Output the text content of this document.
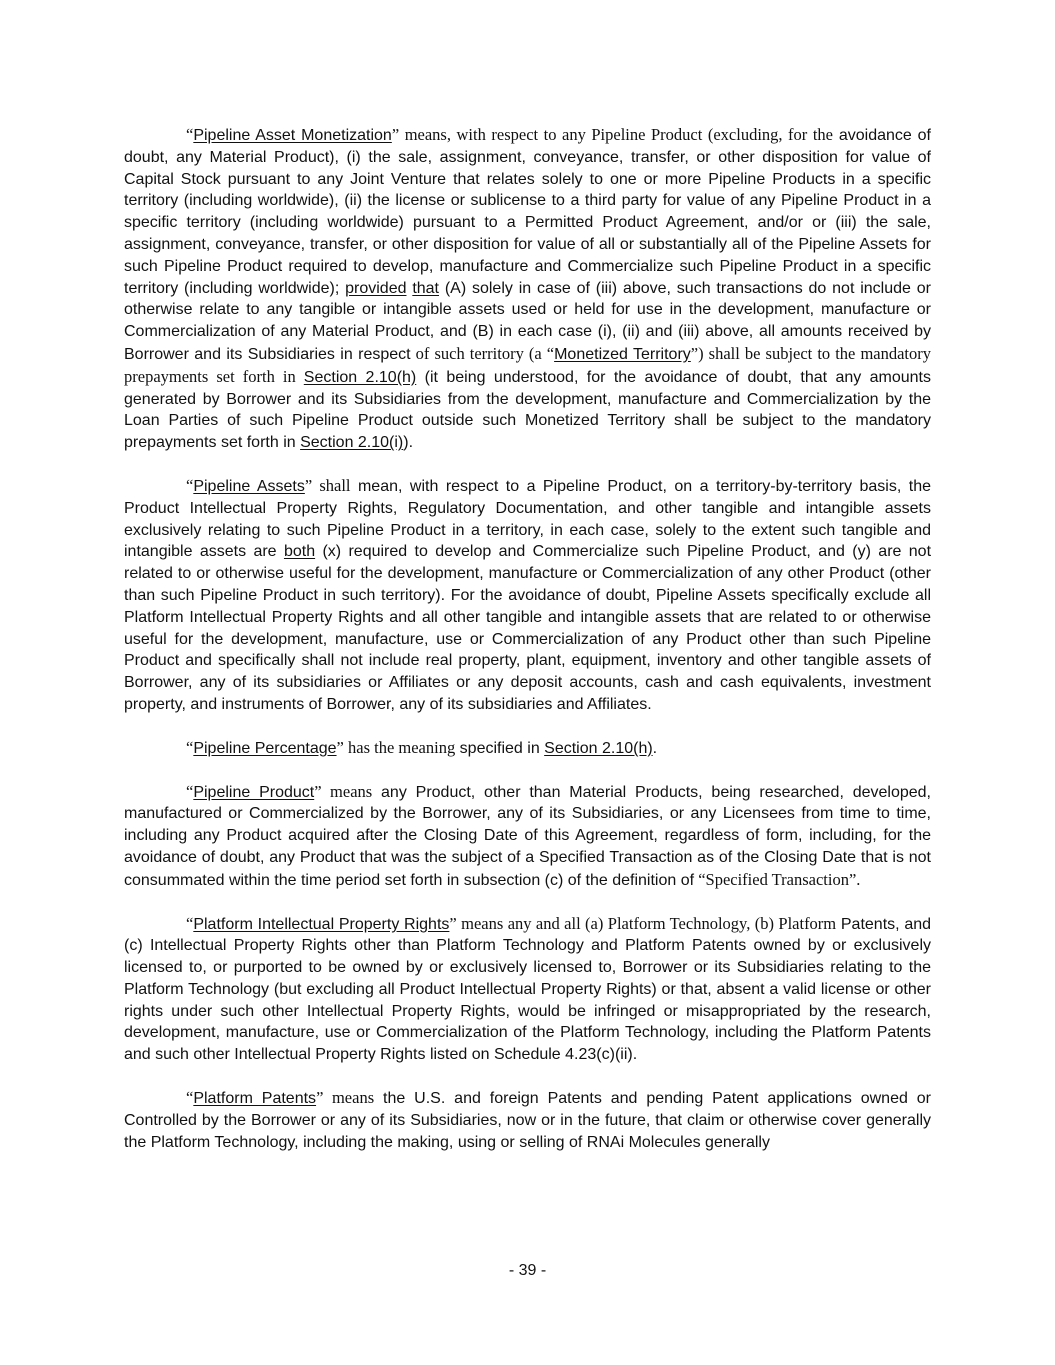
“Pipeline Asset Monetization” means, with respect to any Pipeline Product (excluding, for the avoidance of doubt, any Material Product), (i) the sale, assignment, conveyance, transfer, or other disposition for value of Capital Stock pursuant to any Joint Venture that relates solely to one or more Pipeline Products in a specific territory (including worldwide), (ii) the license or sublicense to a third party for value of any Pipeline Product in a specific territory (including worldwide) pursuant to a Permitted Product Agreement, and/or or (iii) the sale, assignment, conveyance, transfer, or other disposition for value of all or substantially all of the Pipeline Assets for such Pipeline Product required to develop, manufacture and Commercialize such Pipeline Product in a specific territory (including worldwide); provided that (A) solely in case of (iii) above, such transactions do not include or otherwise relate to any tangible or intangible assets used or held for use in the development, manufacture or Commercialization of any Material Product, and (B) in each case (i), (ii) and (iii) above, all amounts received by Borrower and its Subsidiaries in respect of such territory (a “Monetized Territory”) shall be subject to the mandatory prepayments set forth in Section 2.10(h) (it being understood, for the avoidance of doubt, that any amounts generated by Borrower and its Subsidiaries from the development, manufacture and Commercialization by the Loan Parties of such Pipeline Product outside such Monetized Territory shall be subject to the mandatory prepayments set forth in Section 2.10(i)).

“Pipeline Assets” shall mean, with respect to a Pipeline Product, on a territory-by-territory basis, the Product Intellectual Property Rights, Regulatory Documentation, and other tangible and intangible assets exclusively relating to such Pipeline Product in a territory, in each case, solely to the extent such tangible and intangible assets are both (x) required to develop and Commercialize such Pipeline Product, and (y) are not related to or otherwise useful for the development, manufacture or Commercialization of any other Product (other than such Pipeline Product in such territory). For the avoidance of doubt, Pipeline Assets specifically exclude all Platform Intellectual Property Rights and all other tangible and intangible assets that are related to or otherwise useful for the development, manufacture, use or Commercialization of any Product other than such Pipeline Product and specifically shall not include real property, plant, equipment, inventory and other tangible assets of Borrower, any of its subsidiaries or Affiliates or any deposit accounts, cash and cash equivalents, investment property, and instruments of Borrower, any of its subsidiaries and Affiliates.

“Pipeline Percentage” has the meaning specified in Section 2.10(h).

“Pipeline Product” means any Product, other than Material Products, being researched, developed, manufactured or Commercialized by the Borrower, any of its Subsidiaries, or any Licensees from time to time, including any Product acquired after the Closing Date of this Agreement, regardless of form, including, for the avoidance of doubt, any Product that was the subject of a Specified Transaction as of the Closing Date that is not consummated within the time period set forth in subsection (c) of the definition of “Specified Transaction”.

“Platform Intellectual Property Rights” means any and all (a) Platform Technology, (b) Platform Patents, and (c) Intellectual Property Rights other than Platform Technology and Platform Patents owned by or exclusively licensed to, or purported to be owned by or exclusively licensed to, Borrower or its Subsidiaries relating to the Platform Technology (but excluding all Product Intellectual Property Rights) or that, absent a valid license or other rights under such other Intellectual Property Rights, would be infringed or misappropriated by the research, development, manufacture, use or Commercialization of the Platform Technology, including the Platform Patents and such other Intellectual Property Rights listed on Schedule 4.23(c)(ii).

“Platform Patents” means the U.S. and foreign Patents and pending Patent applications owned or Controlled by the Borrower or any of its Subsidiaries, now or in the future, that claim or otherwise cover generally the Platform Technology, including the making, using or selling of RNAi Molecules generally

- 39 -
